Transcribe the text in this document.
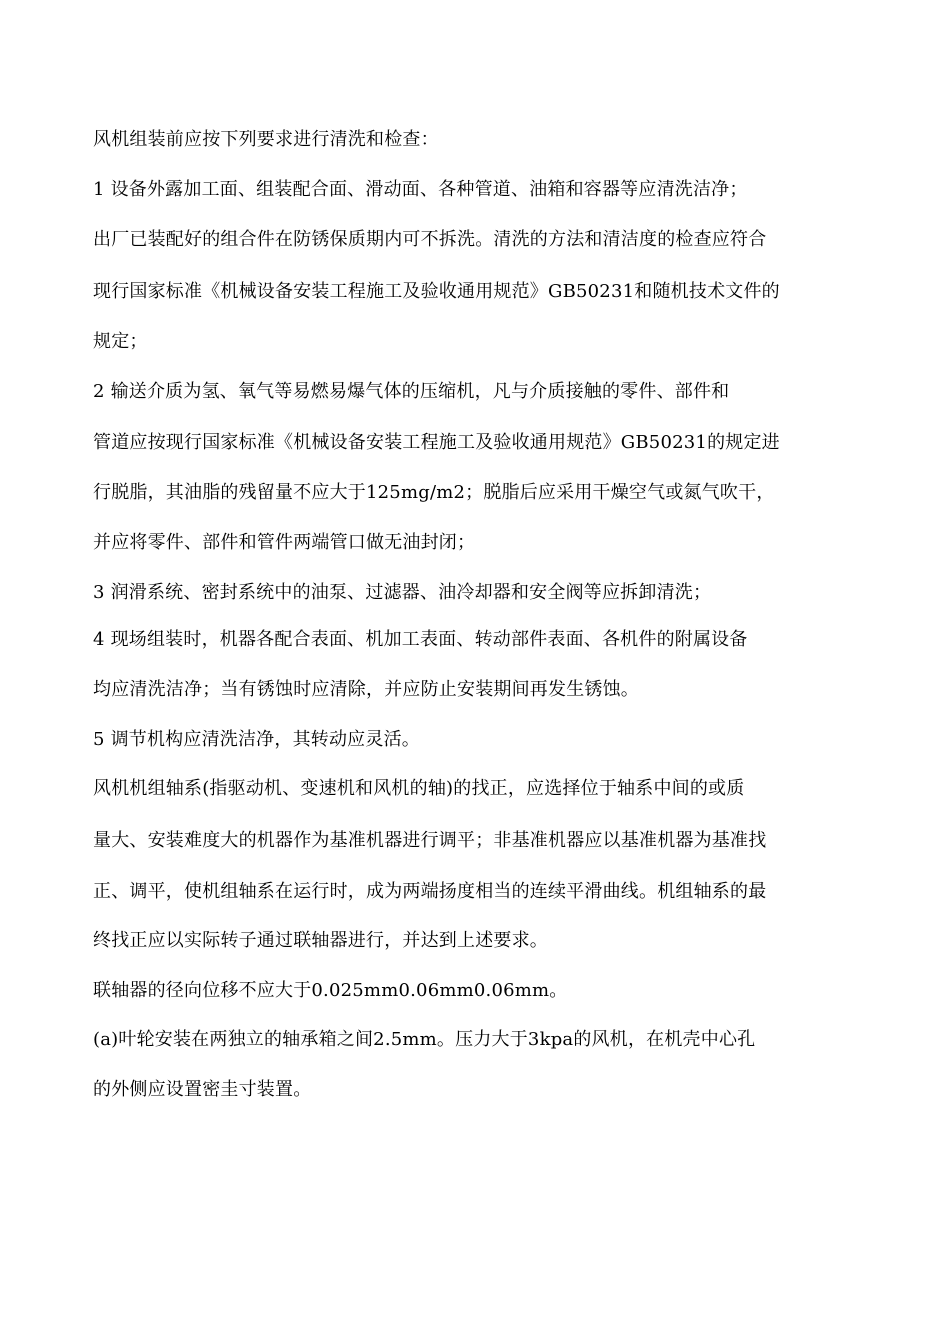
风机组装前应按下列要求进行清洗和检查：
1 设备外露加工面、组装配合面、滑动面、各种管道、油箱和容器等应清洗洁净；
出厂已装配好的组合件在防锈保质期内可不拆洗。清洗的方法和清洁度的检查应符合
现行国家标准《机械设备安装工程施工及验收通用规范》GB50231和随机技术文件的
规定；
2 输送介质为氢、氧气等易燃易爆气体的压缩机，凡与介质接触的零件、部件和
管道应按现行国家标准《机械设备安装工程施工及验收通用规范》GB50231的规定进
行脱脂，其油脂的残留量不应大于125mg/m2；脱脂后应采用干燥空气或氮气吹干，
并应将零件、部件和管件两端管口做无油封闭；
3 润滑系统、密封系统中的油泵、过滤器、油冷却器和安全阀等应拆卸清洗；
4 现场组装时，机器各配合表面、机加工表面、转动部件表面、各机件的附属设备
均应清洗洁净；当有锈蚀时应清除，并应防止安装期间再发生锈蚀。
5 调节机构应清洗洁净，其转动应灵活。
风机机组轴系(指驱动机、变速机和风机的轴)的找正，应选择位于轴系中间的或质
量大、安装难度大的机器作为基准机器进行调平；非基准机器应以基准机器为基准找
正、调平，使机组轴系在运行时，成为两端扬度相当的连续平滑曲线。机组轴系的最
终找正应以实际转子通过联轴器进行，并达到上述要求。
联轴器的径向位移不应大于0.025mm0.06mm0.06mm。
(a)叶轮安装在两独立的轴承箱之间2.5mm。压力大于3kpa的风机，在机壳中心孔
的外侧应设置密圭寸装置。
